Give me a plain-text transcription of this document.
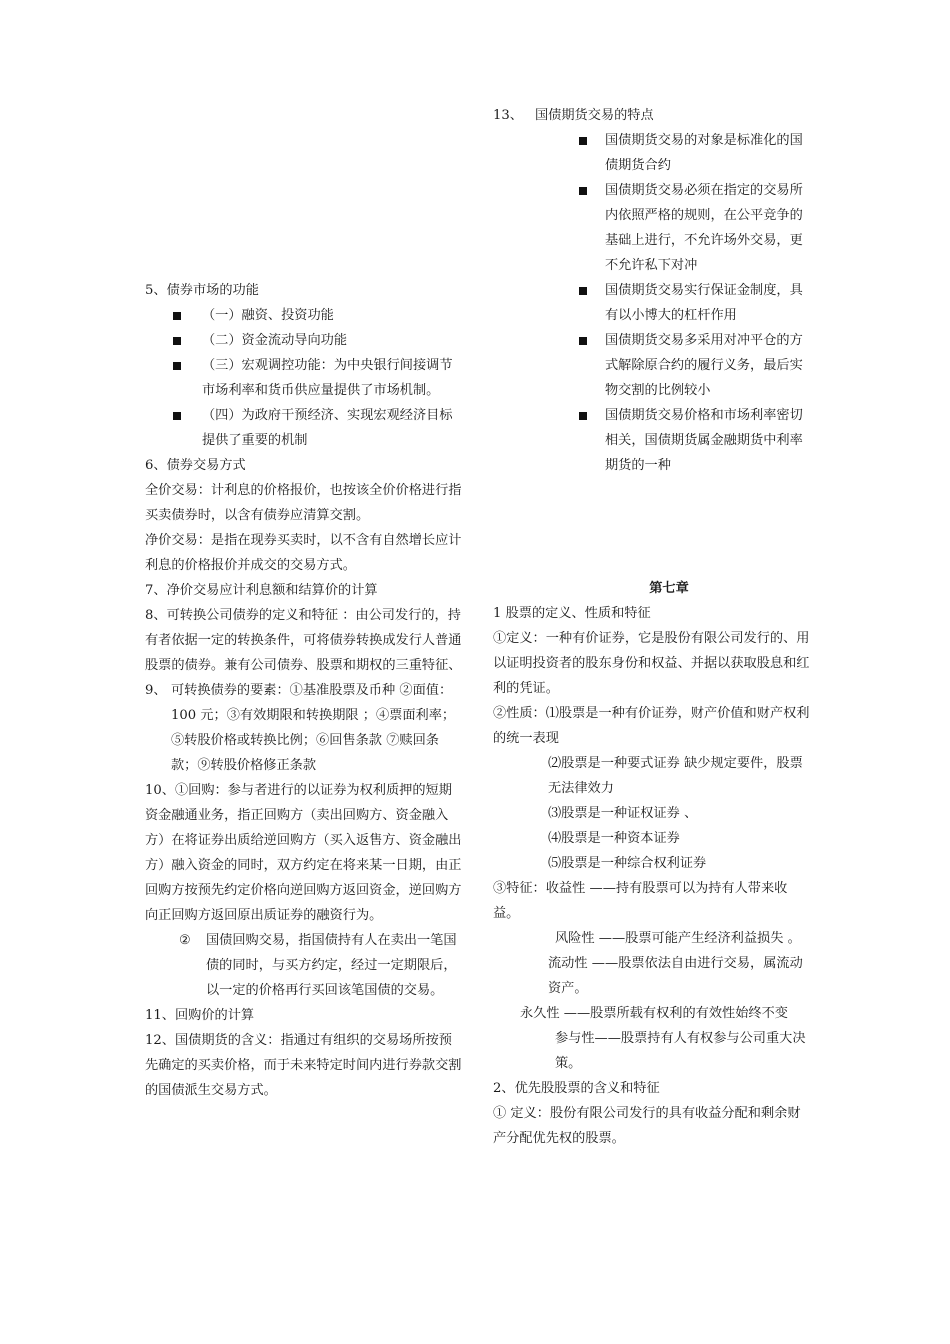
5、债券市场的功能

（一）融资、投资功能
（二）资金流动导向功能
（三）宏观调控功能：为中央银行间接调节市场利率和货币供应量提供了市场机制。
（四）为政府干预经济、实现宏观经济目标提供了重要的机制

6、债券交易方式

全价交易：计利息的价格报价，也按该全价价格进行指买卖债券时，以含有债券应清算交割。

净价交易：是指在现券买卖时，以不含有自然增长应计利息的价格报价并成交的交易方式。

7、净价交易应计利息额和结算价的计算

8、可转换公司债券的定义和特征 ：由公司发行的，持有者依据一定的转换条件，可将债券转换成发行人普通股票的债券。兼有公司债券、股票和期权的三重特征、

9、 可转换债券的要素：①基准股票及币种 ②面值：100 元；③有效期限和转换期限 ；④票面利率；⑤转股价格或转换比例；⑥回售条款 ⑦赎回条款；⑨转股价格修正条款

10、①回购：参与者进行的以证券为权利质押的短期资金融通业务，指正回购方（卖出回购方、资金融入方）在将证券出质给逆回购方（买入返售方、资金融出方）融入资金的同时，双方约定在将来某一日期，由正回购方按预先约定价格向逆回购方返回资金，逆回购方向正回购方返回原出质证券的融资行为。

② 国债回购交易，指国债持有人在卖出一笔国债的同时，与买方约定，经过一定期限后，以一定的价格再行买回该笔国债的交易。

11、回购价的计算

12、国债期货的含义：指通过有组织的交易场所按预先确定的买卖价格，而于未来特定时间内进行券款交割的国债派生交易方式。

13、 国债期货交易的特点

国债期货交易的对象是标准化的国债期货合约
国债期货交易必须在指定的交易所内依照严格的规则，在公平竞争的基础上进行，不允许场外交易，更不允许私下对冲
国债期货交易实行保证金制度，具有以小博大的杠杆作用
国债期货交易多采用对冲平仓的方式解除原合约的履行义务，最后实物交割的比例较小
国债期货交易价格和市场利率密切相关，国债期货属金融期货中利率期货的一种

第七章

1 股票的定义、性质和特征

①定义：一种有价证券，它是股份有限公司发行的、用以证明投资者的股东身份和权益、并据以获取股息和红利的凭证。

②性质：⑴股票是一种有价证券，财产价值和财产权利的统一表现

⑵股票是一种要式证券 缺少规定要件，股票无法律效力

⑶股票是一种证权证券 、

⑷股票是一种资本证券

⑸股票是一种综合权利证券

③特征：收益性 ——持有股票可以为持有人带来收益。

风险性 ——股票可能产生经济利益损失 。

流动性 ——股票依法自由进行交易，属流动资产。

永久性 ——股票所载有权利的有效性始终不变

参与性——股票持有人有权参与公司重大决策。

2、优先股股票的含义和特征

① 定义：股份有限公司发行的具有收益分配和剩余财产分配优先权的股票。
